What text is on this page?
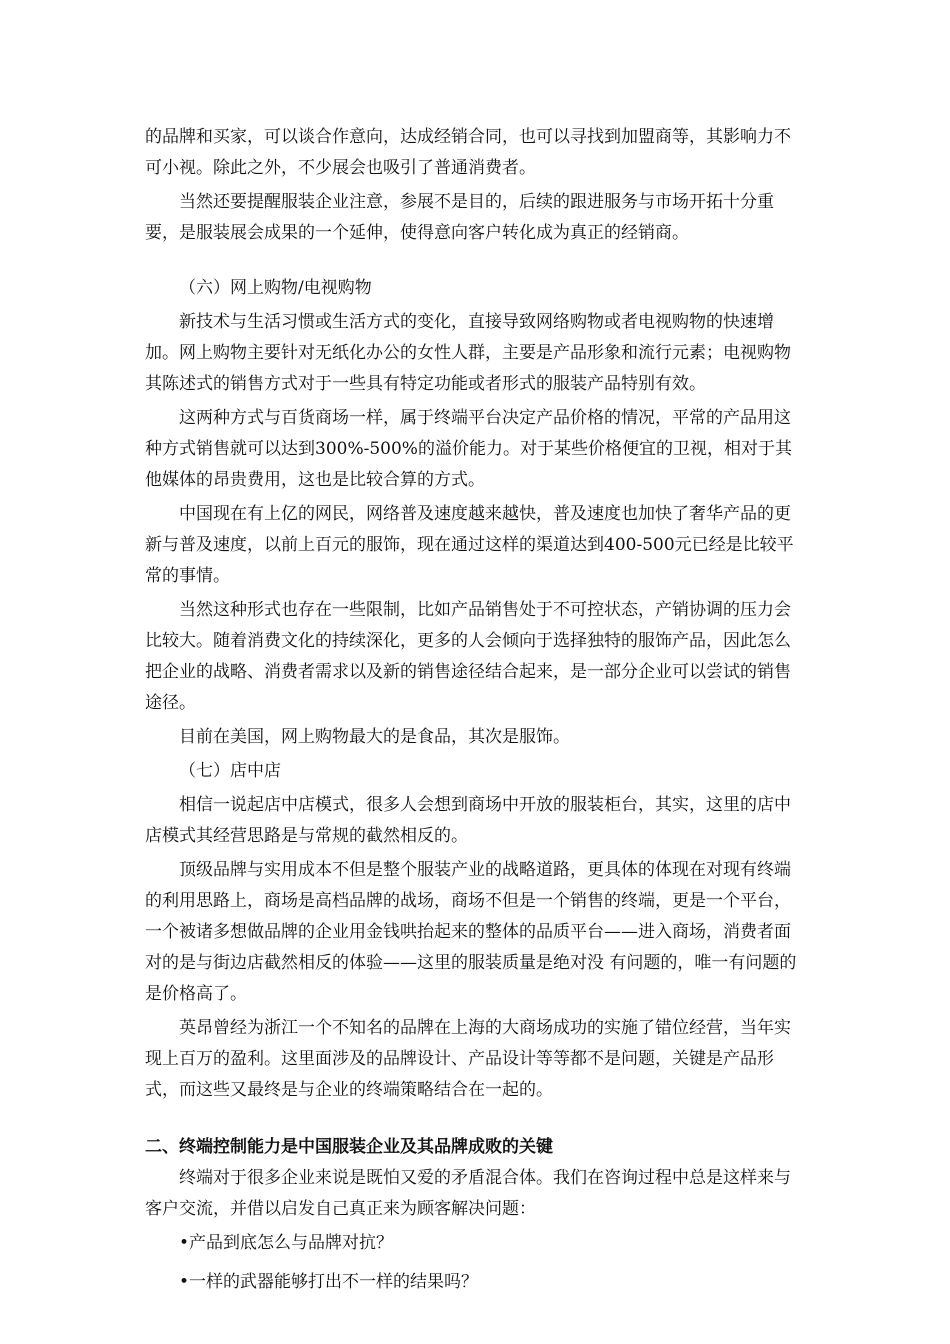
的品牌和买家，可以谈合作意向，达成经销合同，也可以寻找到加盟商等，其影响力不可小视。除此之外，不少展会也吸引了普通消费者。

当然还要提醒服装企业注意，参展不是目的，后续的跟进服务与市场开拓十分重要，是服装展会成果的一个延伸，使得意向客户转化成为真正的经销商。

（六）网上购物/电视购物

新技术与生活习惯或生活方式的变化，直接导致网络购物或者电视购物的快速增加。网上购物主要针对无纸化办公的女性人群，主要是产品形象和流行元素；电视购物其陈述式的销售方式对于一些具有特定功能或者形式的服装产品特别有效。

这两种方式与百货商场一样，属于终端平台决定产品价格的情况，平常的产品用这种方式销售就可以达到300%-500%的溢价能力。对于某些价格便宜的卫视，相对于其他媒体的昂贵费用，这也是比较合算的方式。

中国现在有上亿的网民，网络普及速度越来越快，普及速度也加快了奢华产品的更新与普及速度，以前上百元的服饰，现在通过这样的渠道达到400-500元已经是比较平常的事情。

当然这种形式也存在一些限制，比如产品销售处于不可控状态，产销协调的压力会比较大。随着消费文化的持续深化，更多的人会倾向于选择独特的服饰产品，因此怎么把企业的战略、消费者需求以及新的销售途径结合起来，是一部分企业可以尝试的销售途径。

目前在美国，网上购物最大的是食品，其次是服饰。

（七）店中店

相信一说起店中店模式，很多人会想到商场中开放的服装柜台，其实，这里的店中店模式其经营思路是与常规的截然相反的。

顶级品牌与实用成本不但是整个服装产业的战略道路，更具体的体现在对现有终端的利用思路上，商场是高档品牌的战场，商场不但是一个销售的终端，更是一个平台，一个被诸多想做品牌的企业用金钱哄抬起来的整体的品质平台——进入商场，消费者面对的是与街边店截然相反的体验——这里的服装质量是绝对没 有问题的，唯一有问题的是价格高了。

英昂曾经为浙江一个不知名的品牌在上海的大商场成功的实施了错位经营，当年实现上百万的盈利。这里面涉及的品牌设计、产品设计等等都不是问题，关键是产品形式，而这些又最终是与企业的终端策略结合在一起的。

二、终端控制能力是中国服装企业及其品牌成败的关键

终端对于很多企业来说是既怕又爱的矛盾混合体。我们在咨询过程中总是这样来与客户交流，并借以启发自己真正来为顾客解决问题：

•产品到底怎么与品牌对抗？

•一样的武器能够打出不一样的结果吗？
